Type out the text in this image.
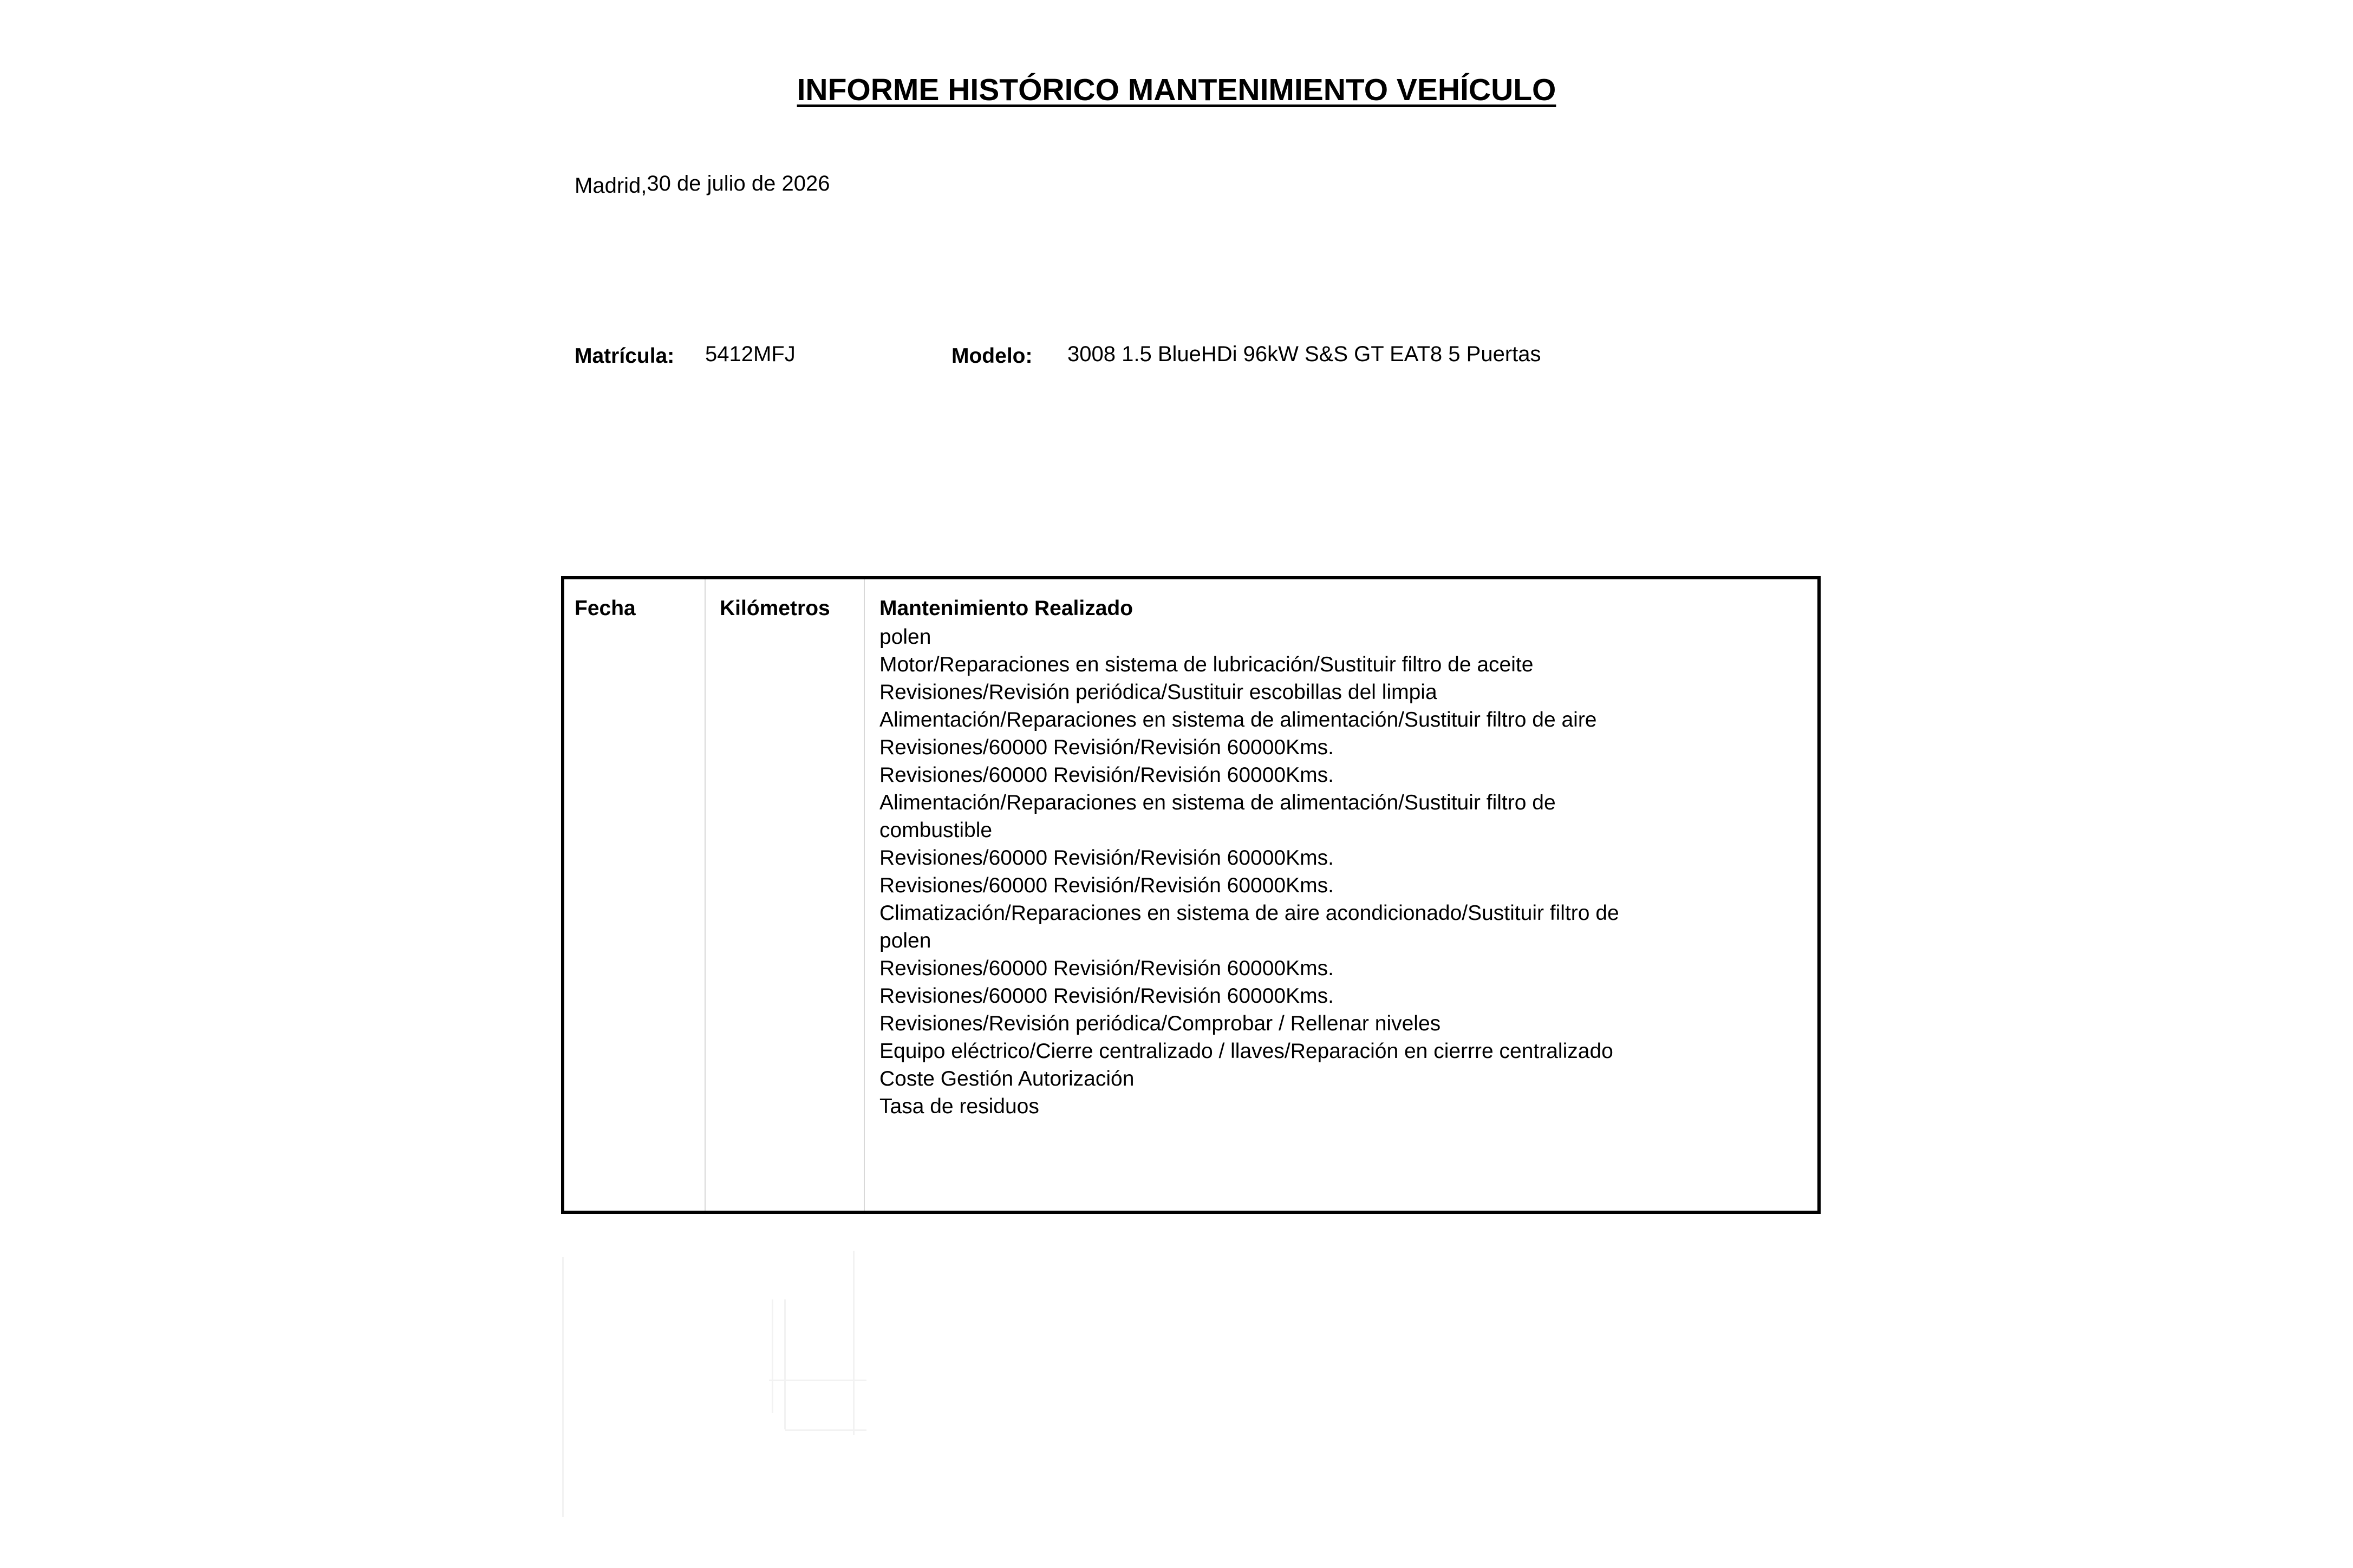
INFORME HISTÓRICO MANTENIMIENTO VEHÍCULO
Madrid,30 de julio de 2026
Matrícula: 5412MFJ	Modelo: 3008 1.5 BlueHDi 96kW S&S GT EAT8 5 Puertas
Fecha	Kilómetros Mantenimiento Realizado
polen
Motor/Reparaciones en sistema de lubricación/Sustituir filtro de aceite
Revisiones/Revisión periódica/Sustituir escobillas del limpia
Alimentación/Reparaciones en sistema de alimentación/Sustituir filtro de aire
Revisiones/60000 Revisión/Revisión 60000Kms.
Revisiones/60000 Revisión/Revisión 60000Kms.
Alimentación/Reparaciones en sistema de alimentación/Sustituir filtro de
combustible
Revisiones/60000 Revisión/Revisión 60000Kms.
Revisiones/60000 Revisión/Revisión 60000Kms.
Climatización/Reparaciones en sistema de aire acondicionado/Sustituir filtro de
polen
Revisiones/60000 Revisión/Revisión 60000Kms.
Revisiones/60000 Revisión/Revisión 60000Kms.
Revisiones/Revisión periódica/Comprobar / Rellenar niveles
Equipo eléctrico/Cierre centralizado / llaves/Reparación en cierrre centralizado
Coste Gestión Autorización
Tasa de residuos
